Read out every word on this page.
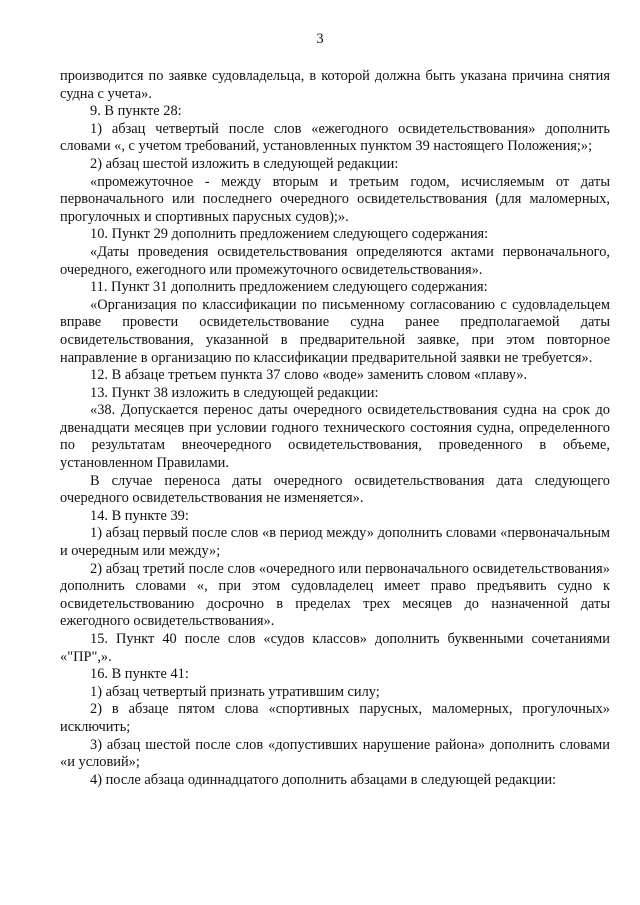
3

производится по заявке судовладельца, в которой должна быть указана причина снятия судна с учета».

9. В пункте 28:

1) абзац четвертый после слов «ежегодного освидетельствования» дополнить словами «, с учетом требований, установленных пунктом 39 настоящего Положения;»;

2) абзац шестой изложить в следующей редакции:

«промежуточное - между вторым и третьим годом, исчисляемым от даты первоначального или последнего очередного освидетельствования (для маломерных, прогулочных и спортивных парусных судов);».

10. Пункт 29 дополнить предложением следующего содержания:

«Даты проведения освидетельствования определяются актами первоначального, очередного, ежегодного или промежуточного освидетельствования».

11. Пункт 31 дополнить предложением следующего содержания:

«Организация по классификации по письменному согласованию с судовладельцем вправе провести освидетельствование судна ранее предполагаемой даты освидетельствования, указанной в предварительной заявке, при этом повторное направление в организацию по классификации предварительной заявки не требуется».

12. В абзаце третьем пункта 37 слово «воде» заменить словом «плаву».

13. Пункт 38 изложить в следующей редакции:

«38. Допускается перенос даты очередного освидетельствования судна на срок до двенадцати месяцев при условии годного технического состояния судна, определенного по результатам внеочередного освидетельствования, проведенного в объеме, установленном Правилами.

В случае переноса даты очередного освидетельствования дата следующего очередного освидетельствования не изменяется».

14. В пункте 39:

1) абзац первый после слов «в период между» дополнить словами «первоначальным и очередным или между»;

2) абзац третий после слов «очередного или первоначального освидетельствования» дополнить словами «, при этом судовладелец имеет право предъявить судно к освидетельствованию досрочно в пределах трех месяцев до назначенной даты ежегодного освидетельствования».

15. Пункт 40 после слов «судов классов» дополнить буквенными сочетаниями «"ПР",».

16. В пункте 41:

1) абзац четвертый признать утратившим силу;

2) в абзаце пятом слова «спортивных парусных, маломерных, прогулочных» исключить;

3) абзац шестой после слов «допустивших нарушение района» дополнить словами «и условий»;

4) после абзаца одиннадцатого дополнить абзацами в следующей редакции:
